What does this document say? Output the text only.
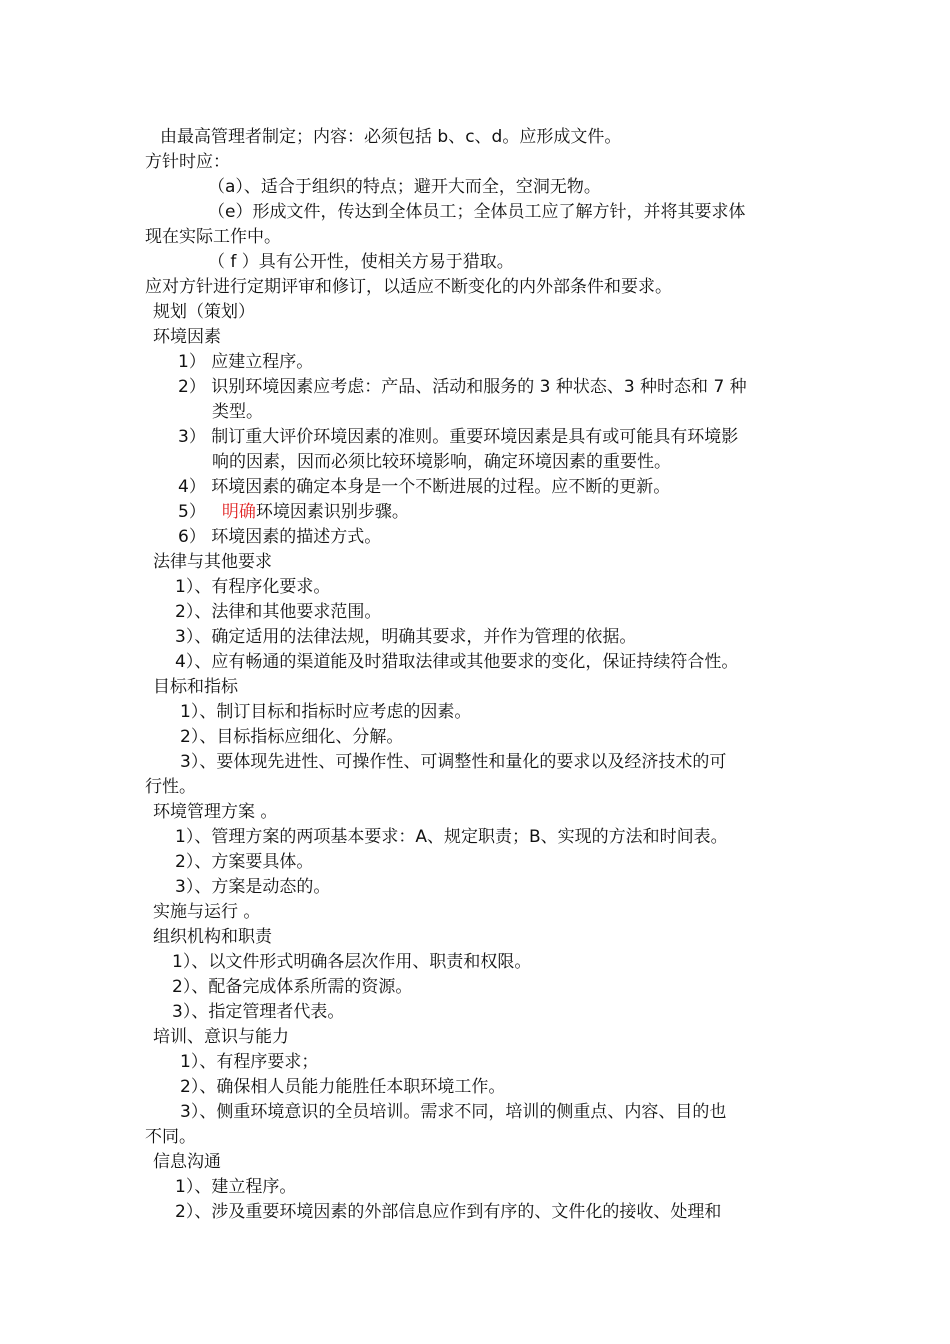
由最高管理者制定；内容：必须包括 b、c、d。应形成文件。
方针时应：
（a）、适合于组织的特点；避开大而全，空洞无物。
（e）形成文件，传达到全体员工；全体员工应了解方针，并将其要求体
现在实际工作中。
（ f ）具有公开性，使相关方易于猎取。
应对方针进行定期评审和修订，以适应不断变化的内外部条件和要求。
规划（策划）
环境因素
1） 应建立程序。
2） 识别环境因素应考虑：产品、活动和服务的 3 种状态、3 种时态和 7 种
类型。
3） 制订重大评价环境因素的准则。重要环境因素是具有或可能具有环境影
响的因素，因而必须比较环境影响，确定环境因素的重要性。
4） 环境因素的确定本身是一个不断进展的过程。应不断的更新。
5） 明确环境因素识别步骤。
6） 环境因素的描述方式。
法律与其他要求
1）、有程序化要求。
2）、法律和其他要求范围。
3）、确定适用的法律法规，明确其要求，并作为管理的依据。
4）、应有畅通的渠道能及时猎取法律或其他要求的变化，保证持续符合性。
目标和指标
1）、制订目标和指标时应考虑的因素。
2）、目标指标应细化、分解。
3）、要体现先进性、可操作性、可调整性和量化的要求以及经济技术的可
行性。
环境管理方案 。
1）、管理方案的两项基本要求：A、规定职责；B、实现的方法和时间表。
2）、方案要具体。
3）、方案是动态的。
实施与运行 。
组织机构和职责
1）、以文件形式明确各层次作用、职责和权限。
2）、配备完成体系所需的资源。
3）、指定管理者代表。
培训、意识与能力
1）、有程序要求；
2）、确保相人员能力能胜任本职环境工作。
3）、侧重环境意识的全员培训。需求不同，培训的侧重点、内容、目的也
不同。
信息沟通
1）、建立程序。
2）、涉及重要环境因素的外部信息应作到有序的、文件化的接收、处理和
